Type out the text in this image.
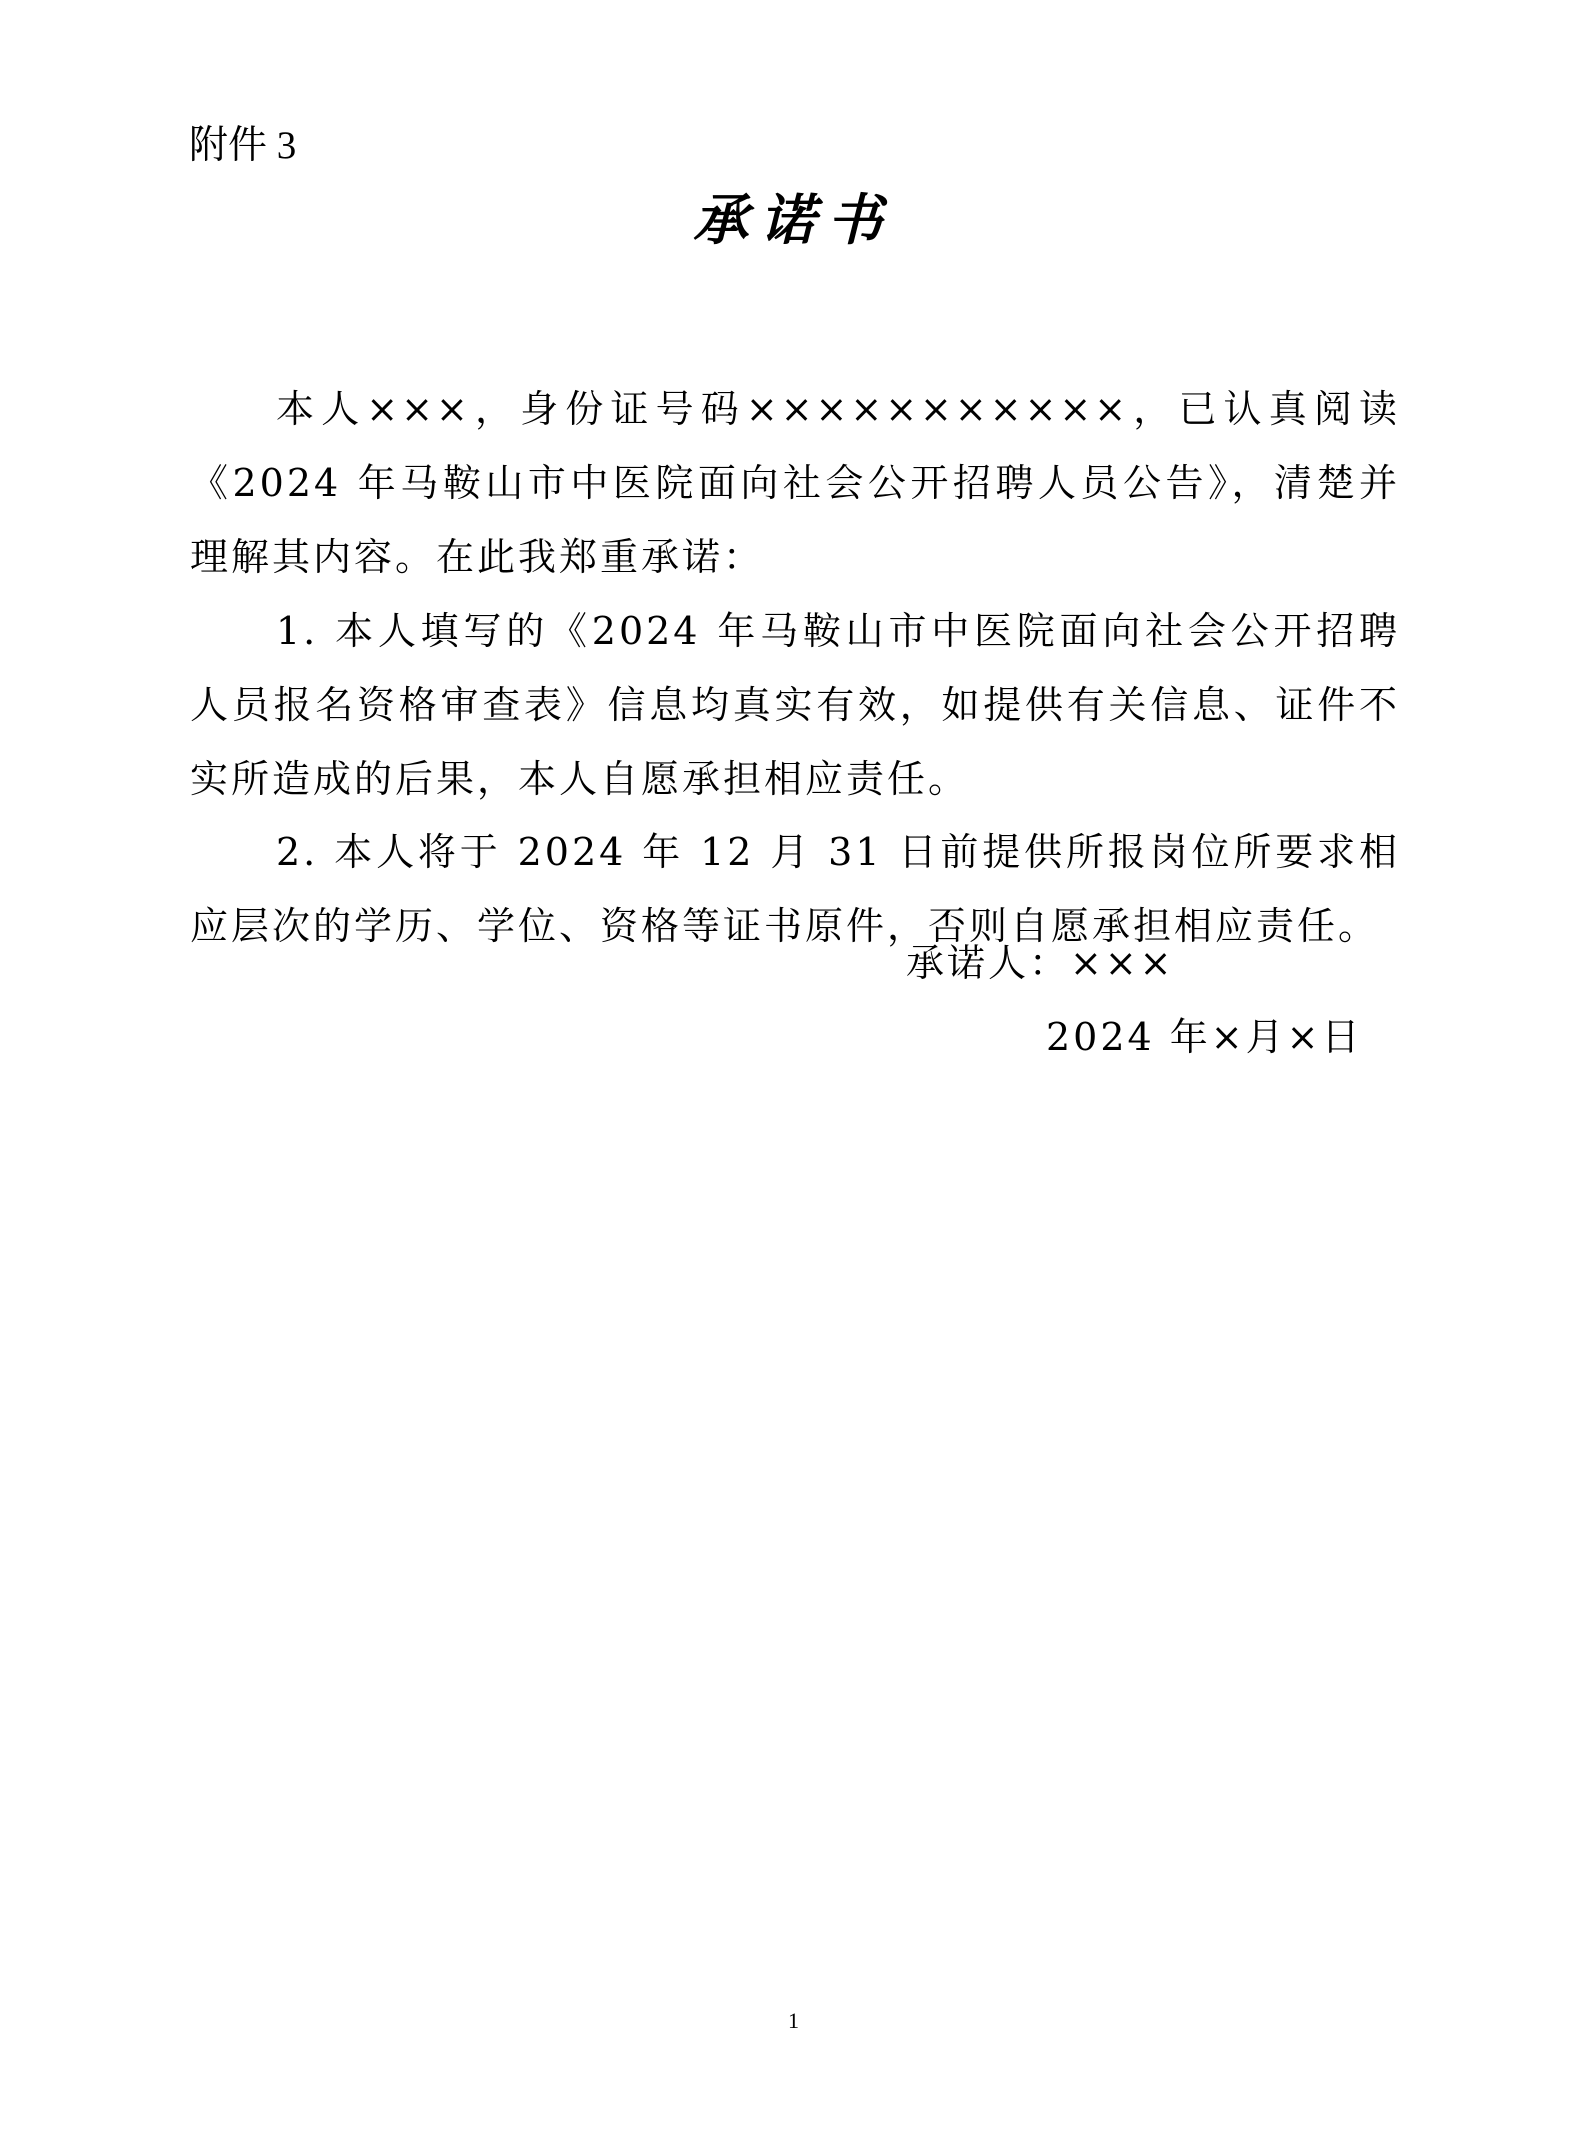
附件 3
承诺书

本人×××，身份证号码×××××××××××，已认真阅读《2024 年马鞍山市中医院面向社会公开招聘人员公告》，清楚并理解其内容。在此我郑重承诺：

1. 本人填写的《2024 年马鞍山市中医院面向社会公开招聘人员报名资格审查表》信息均真实有效，如提供有关信息、证件不实所造成的后果，本人自愿承担相应责任。

2. 本人将于 2024 年 12 月 31 日前提供所报岗位所要求相应层次的学历、学位、资格等证书原件，否则自愿承担相应责任。

承诺人：×××
2024 年×月×日
1
